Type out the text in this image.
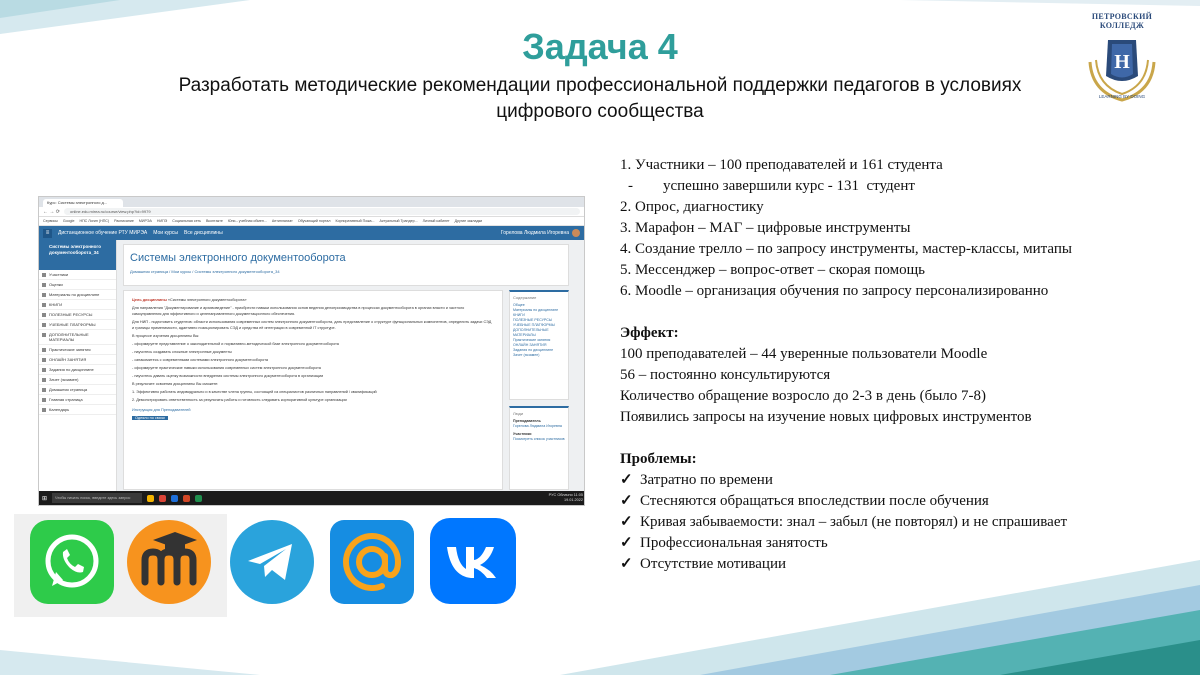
Задача 4
Разработать методические рекомендации профессиональной поддержки педагогов в условиях цифрового сообщества
ПЕТРОВСКИЙ КОЛЛЕДЖ
Н
LEARNING BY DOING
Курс: Системы электронного д...
← → ⟳	online.edu.mirea.ru/course/view.php?id=9979
Сервисы Google НПС Логин (НПС) Расписание МИРЭА НИПЭ Социальная сеть Вконтакте Юпи-- учебная обмен... Антиплагиат Обучающий портал Корпоративный Пожа... Актуальный Трандер... Личный кабинет Другие закладки
≡	Дистанционное обучение РТУ МИРЭА Мои курсы Все дисциплины	Горелова Людмила Игоревна
Системы электронного документооборота_34
Участники
Оценки
Материалы по дисциплине
КНИГИ
ПОЛЕЗНЫЕ РЕСУРСЫ
УЧЕБНЫЕ ПЛАТФОРМЫ
ДОПОЛНИТЕЛЬНЫЕ МАТЕРИАЛЫ
Практические занятия
ОНЛАЙН ЗАНЯТИЯ
Задания по дисциплине
Зачет (экзамен)
Домашняя страница
Главная страница
Календарь
Системы электронного документооборота
Домашняя страница / Мои курсы / Системы электронного документооборота_34

Цель дисциплины «Системы электронного документооборота»

Для направления "Документирование и архивоведение" - приобрести навыки использования основ ведения делопроизводства в процессах документооборота в органах власти и частного самоуправления для эффективного и целенаправленного документационного обеспечения.

Для НИП - подготовить студентов: области использования современных систем электронного документооборота, дать представление о структуре функциональных компонентов, определить задачи СЭД и границы применимости, адаптивно позиционировать СЭД и средства её интеграции в современной IT структуре.

В процессе изучения дисциплины Вы:

- сформируете представление о законодательной и нормативно-методической базе электронного документооборота

- научитесь создавать сложные электронные документы

- ознакомитесь с современными системами электронного документооборота

- сформируете практические навыки использования современных систем электронного документооборота

- научитесь давать оценку возможности внедрения системы электронного документооборота в организации

В результате освоения дисциплины Вы сможете:

1. Эффективно работать индивидуально и в качестве члена группы, состоящей из специалистов различных направлений / квалификаций

2. Демонстрировать ответственность за результаты работы и готовность следовать корпоративной культуре организации

Инструкция для Преподавателей

Одеяло по связи

Содержание
Общее
Материалы по дисциплине
КНИГИ
ПОЛЕЗНЫЕ РЕСУРСЫ
УЧЕБНЫЕ ПЛАТФОРМЫ
ДОПОЛНИТЕЛЬНЫЕ МАТЕРИАЛЫ
Практические занятия
ОНЛАЙН ЗАНЯТИЯ
Задания по дисциплине
Зачет (экзамен)
Люди
Преподаватель
Горелова Людмила Игоревна
Участники
Посмотреть список участников
⊞	Чтобы начать поиск, введите здесь запрос
РУС Облачно 11:05
19.01.2022
1. Участники – 100 преподавателей и 161 студента
-        успешно завершили курс - 131  студент
2. Опрос, диагностику
3. Марафон – МАГ – цифровые инструменты
4. Создание трелло – по запросу инструменты, мастер-классы, митапы
5. Мессенджер – вопрос-ответ – скорая помощь
6. Moodle – организация обучения по запросу персонализированно
Эффект:
100 преподавателей – 44 уверенные пользователи Moodle
56 – постоянно консультируются
Количество обращение возросло до 2-3 в день (было 7-8)
Появились запросы на изучение новых цифровых инструментов
Проблемы:
✓ Затратно по времени
✓ Стесняются обращаться впоследствии после обучения
✓ Кривая забываемости: знал – забыл (не повторял) и не спрашивает
✓ Профессиональная занятость
✓ Отсутствие мотивации
